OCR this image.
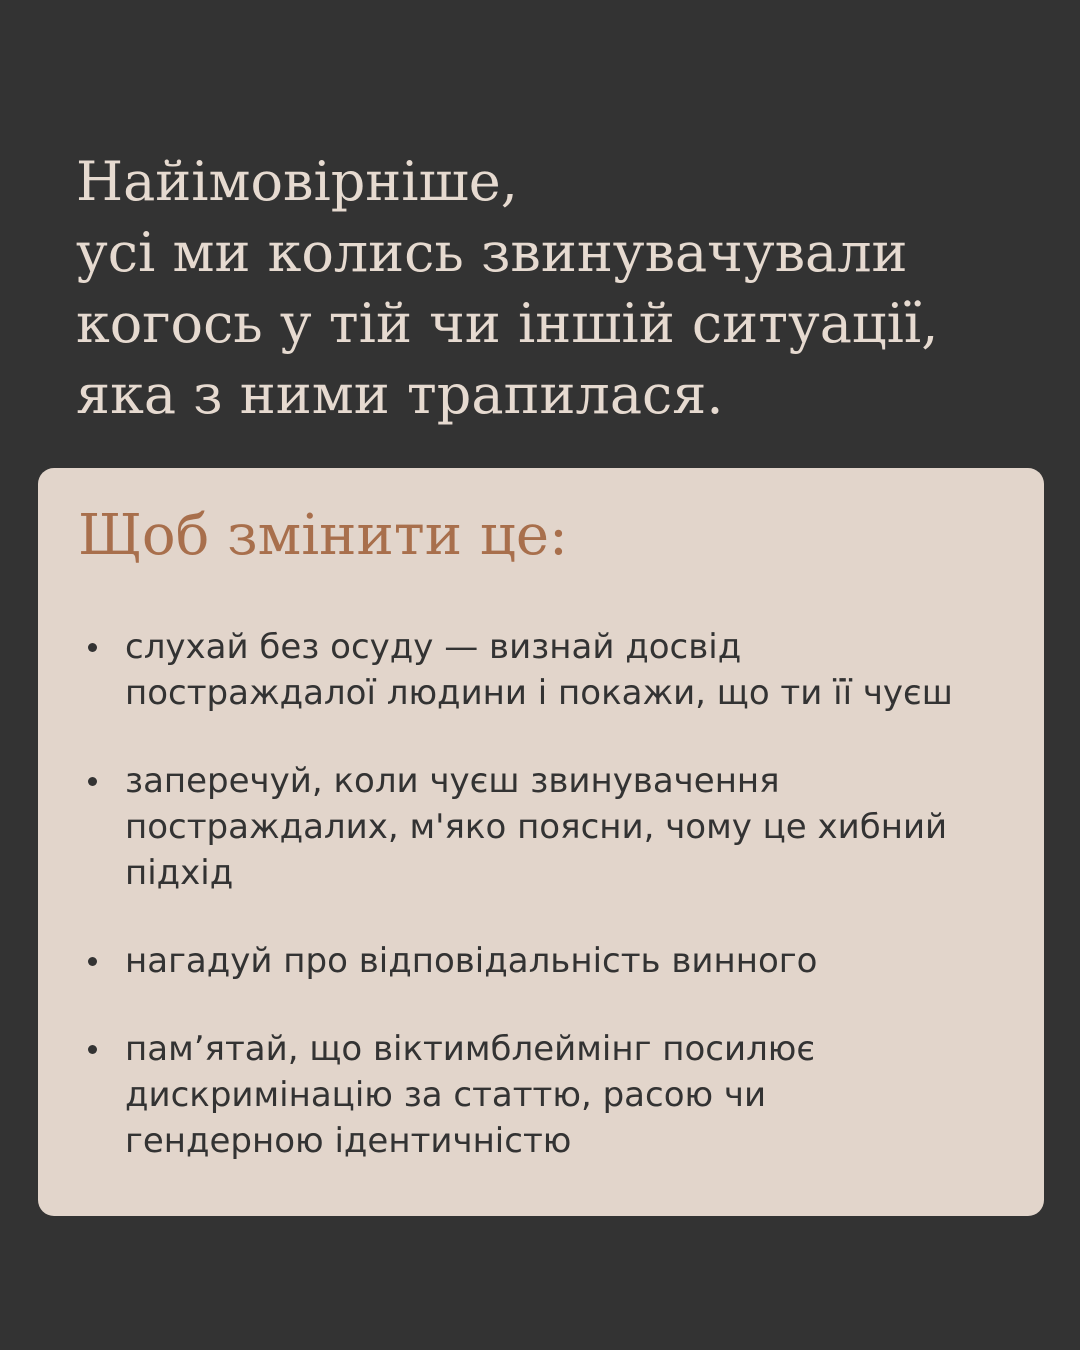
Найімовірніше,
усі ми колись звинувачували
когось у тій чи іншій ситуації,
яка з ними трапилася.
Щоб змінити це:
слухай без осуду — визнай досвід
постраждалої людини і покажи, що ти її чуєш
заперечуй, коли чуєш звинувачення
постраждалих, м'яко поясни, чому це хибний
підхід
нагадуй про відповідальність винного
пам’ятай, що віктимблеймінг посилює
дискримінацію за статтю, расою чи
гендерною ідентичністю
